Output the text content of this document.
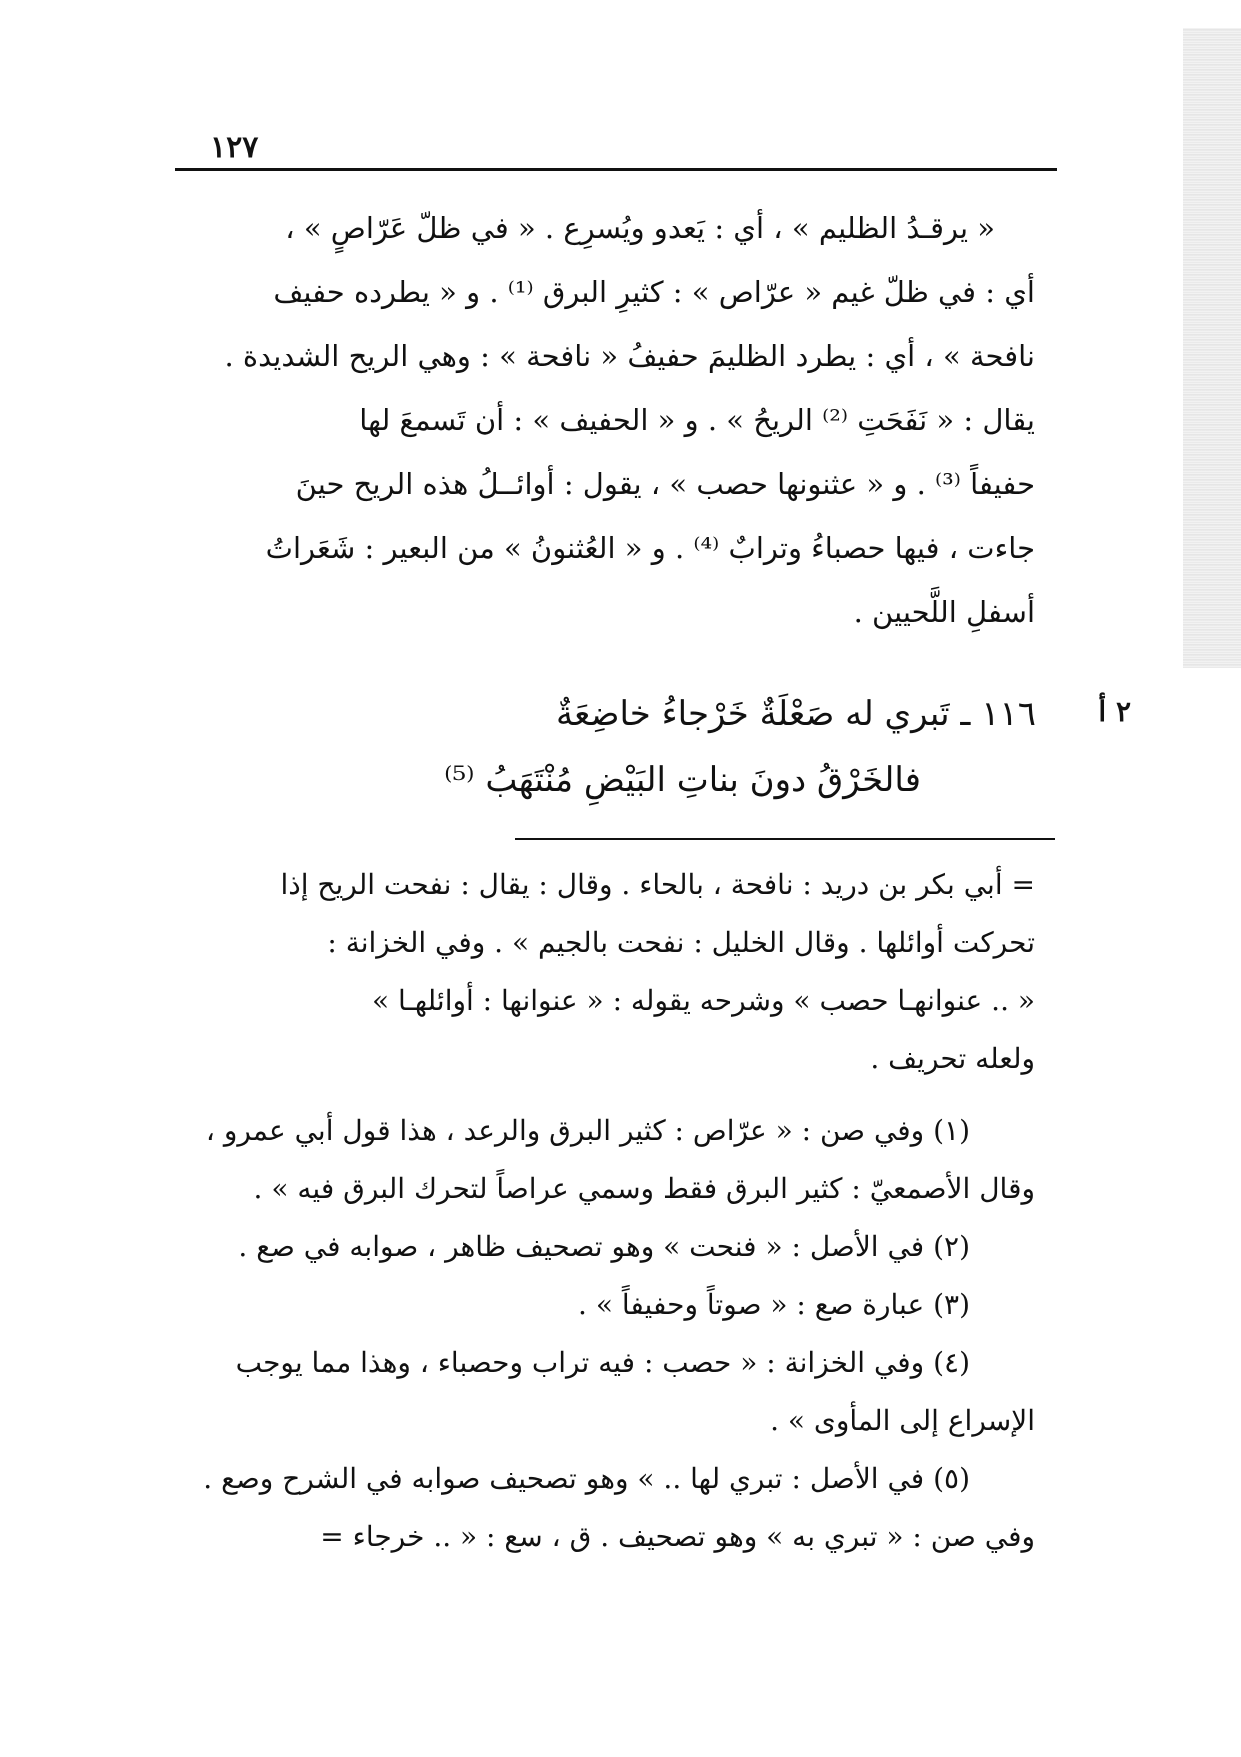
١٢٧
« يرقـدُ الظليم » ، أي : يَعدو ويُسرِع . « في ظلّ عَرّاصٍ » ،
أي : في ظلّ غيم « عرّاص » : كثيرِ البرق ⁽¹⁾ . و « يطرده حفيف
نافحة » ، أي : يطرد الظليمَ حفيفُ « نافحة » : وهي الريح الشديدة .
يقال : « نَفَحَتِ ⁽²⁾ الريحُ » . و « الحفيف » : أن تَسمعَ لها
حفيفاً ⁽³⁾ . و « عثنونها حصب » ، يقول : أوائــلُ هذه الريح حينَ
جاءت ، فيها حصباءُ وترابٌ ⁽⁴⁾ . و « العُثنونُ » من البعير : شَعَراتُ
أسفلِ اللَّحيين .
٢ أ
١١٦ ـ تَبري له صَعْلَةٌ خَرْجاءُ خاضِعَةٌ
فالخَرْقُ دونَ بناتِ البَيْضِ مُنْتَهَبُ ⁽⁵⁾
= أبي بكر بن دريد : نافحة ، بالحاء . وقال : يقال : نفحت الريح إذا
تحركت أوائلها . وقال الخليل : نفحت بالجيم » . وفي الخزانة :
« .. عنوانهـا حصب » وشرحه يقوله : « عنوانها : أوائلهـا »
ولعله تحريف .
(١) وفي صن : « عرّاص : كثير البرق والرعد ، هذا قول أبي عمرو ،
وقال الأصمعيّ : كثير البرق فقط وسمي عراصاً لتحرك البرق فيه » .
(٢) في الأصل : « فنحت » وهو تصحيف ظاهر ، صوابه في صع .
(٣) عبارة صع : « صوتاً وحفيفاً » .
(٤) وفي الخزانة : « حصب : فيه تراب وحصباء ، وهذا مما يوجب
الإسراع إلى المأوى » .
(٥) في الأصل : تبري لها .. » وهو تصحيف صوابه في الشرح وصع .
وفي صن : « تبري به » وهو تصحيف . ق ، سع : « .. خرجاء =
